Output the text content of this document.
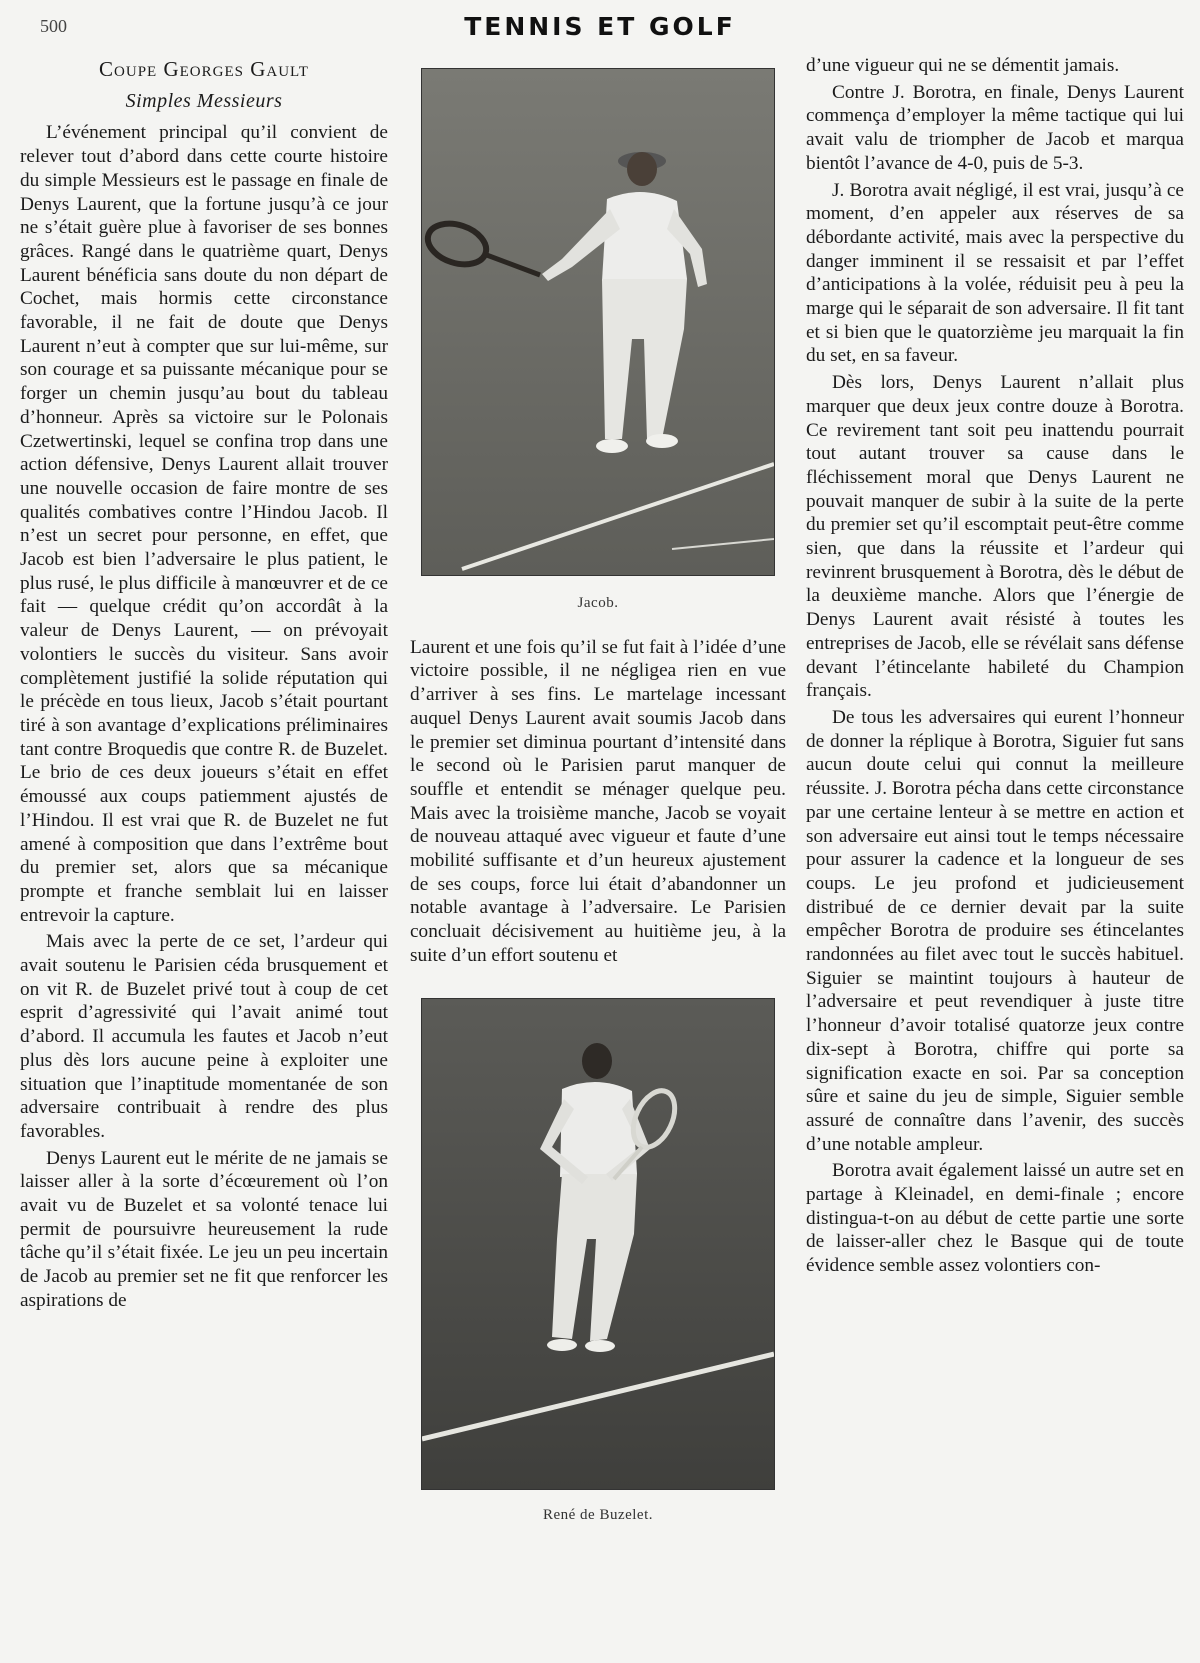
500	TENNIS ET GOLF
Coupe Georges Gault
Simples Messieurs

L’événement principal qu’il convient de relever tout d’abord dans cette courte histoire du simple Messieurs est le passage en finale de Denys Laurent, que la fortune jusqu’à ce jour ne s’était guère plue à favoriser de ses bonnes grâces. Rangé dans le quatrième quart, Denys Laurent bénéficia sans doute du non départ de Cochet, mais hormis cette circonstance favorable, il ne fait de doute que Denys Laurent n’eut à compter que sur lui-même, sur son courage et sa puissante mécanique pour se forger un chemin jusqu’au bout du tableau d’honneur. Après sa victoire sur le Polonais Czetwertinski, lequel se confina trop dans une action défensive, Denys Laurent allait trouver une nouvelle occasion de faire montre de ses qualités combatives contre l’Hindou Jacob. Il n’est un secret pour personne, en effet, que Jacob est bien l’adversaire le plus patient, le plus rusé, le plus difficile à manœuvrer et de ce fait — quelque crédit qu’on accordât à la valeur de Denys Laurent, — on prévoyait volontiers le succès du visiteur. Sans avoir complètement justifié la solide réputation qui le précède en tous lieux, Jacob s’était pourtant tiré à son avantage d’explications préliminaires tant contre Broquedis que contre R. de Buzelet. Le brio de ces deux joueurs s’était en effet émoussé aux coups patiemment ajustés de l’Hindou. Il est vrai que R. de Buzelet ne fut amené à composition que dans l’extrême bout du premier set, alors que sa mécanique prompte et franche semblait lui en laisser entrevoir la capture.

Mais avec la perte de ce set, l’ardeur qui avait soutenu le Parisien céda brusquement et on vit R. de Buzelet privé tout à coup de cet esprit d’agressivité qui l’avait animé tout d’abord. Il accumula les fautes et Jacob n’eut plus dès lors aucune peine à exploiter une situation que l’inaptitude momentanée de son adversaire contribuait à rendre des plus favorables.

Denys Laurent eut le mérite de ne jamais se laisser aller à la sorte d’écœurement où l’on avait vu de Buzelet et sa volonté tenace lui permit de poursuivre heureusement la rude tâche qu’il s’était fixée. Le jeu un peu incertain de Jacob au premier set ne fit que renforcer les aspirations de

Jacob.

Laurent et une fois qu’il se fut fait à l’idée d’une victoire possible, il ne négligea rien en vue d’arriver à ses fins. Le martelage incessant auquel Denys Laurent avait soumis Jacob dans le premier set diminua pourtant d’intensité dans le second où le Parisien parut manquer de souffle et entendit se ménager quelque peu. Mais avec la troisième manche, Jacob se voyait de nouveau attaqué avec vigueur et faute d’une mobilité suffisante et d’un heureux ajustement de ses coups, force lui était d’abandonner un notable avantage à l’adversaire. Le Parisien concluait décisivement au huitième jeu, à la suite d’un effort soutenu et

René de Buzelet.

d’une vigueur qui ne se démentit jamais.

Contre J. Borotra, en finale, Denys Laurent commença d’employer la même tactique qui lui avait valu de triompher de Jacob et marqua bientôt l’avance de 4-0, puis de 5-3.

J. Borotra avait négligé, il est vrai, jusqu’à ce moment, d’en appeler aux réserves de sa débordante activité, mais avec la perspective du danger imminent il se ressaisit et par l’effet d’anticipations à la volée, réduisit peu à peu la marge qui le séparait de son adversaire. Il fit tant et si bien que le quatorzième jeu marquait la fin du set, en sa faveur.

Dès lors, Denys Laurent n’allait plus marquer que deux jeux contre douze à Borotra. Ce revirement tant soit peu inattendu pourrait tout autant trouver sa cause dans le fléchissement moral que Denys Laurent ne pouvait manquer de subir à la suite de la perte du premier set qu’il escomptait peut-être comme sien, que dans la réussite et l’ardeur qui revinrent brusquement à Borotra, dès le début de la deuxième manche. Alors que l’énergie de Denys Laurent avait résisté à toutes les entreprises de Jacob, elle se révélait sans défense devant l’étincelante habileté du Champion français.

De tous les adversaires qui eurent l’honneur de donner la réplique à Borotra, Siguier fut sans aucun doute celui qui connut la meilleure réussite. J. Borotra pécha dans cette circonstance par une certaine lenteur à se mettre en action et son adversaire eut ainsi tout le temps nécessaire pour assurer la cadence et la longueur de ses coups. Le jeu profond et judicieusement distribué de ce dernier devait par la suite empêcher Borotra de produire ses étincelantes randonnées au filet avec tout le succès habituel. Siguier se maintint toujours à hauteur de l’adversaire et peut revendiquer à juste titre l’honneur d’avoir totalisé quatorze jeux contre dix-sept à Borotra, chiffre qui porte sa signification exacte en soi. Par sa conception sûre et saine du jeu de simple, Siguier semble assuré de connaître dans l’avenir, des succès d’une notable ampleur.

Borotra avait également laissé un autre set en partage à Kleinadel, en demi-finale ; encore distingua-t-on au début de cette partie une sorte de laisser-aller chez le Basque qui de toute évidence semble assez volontiers con-
